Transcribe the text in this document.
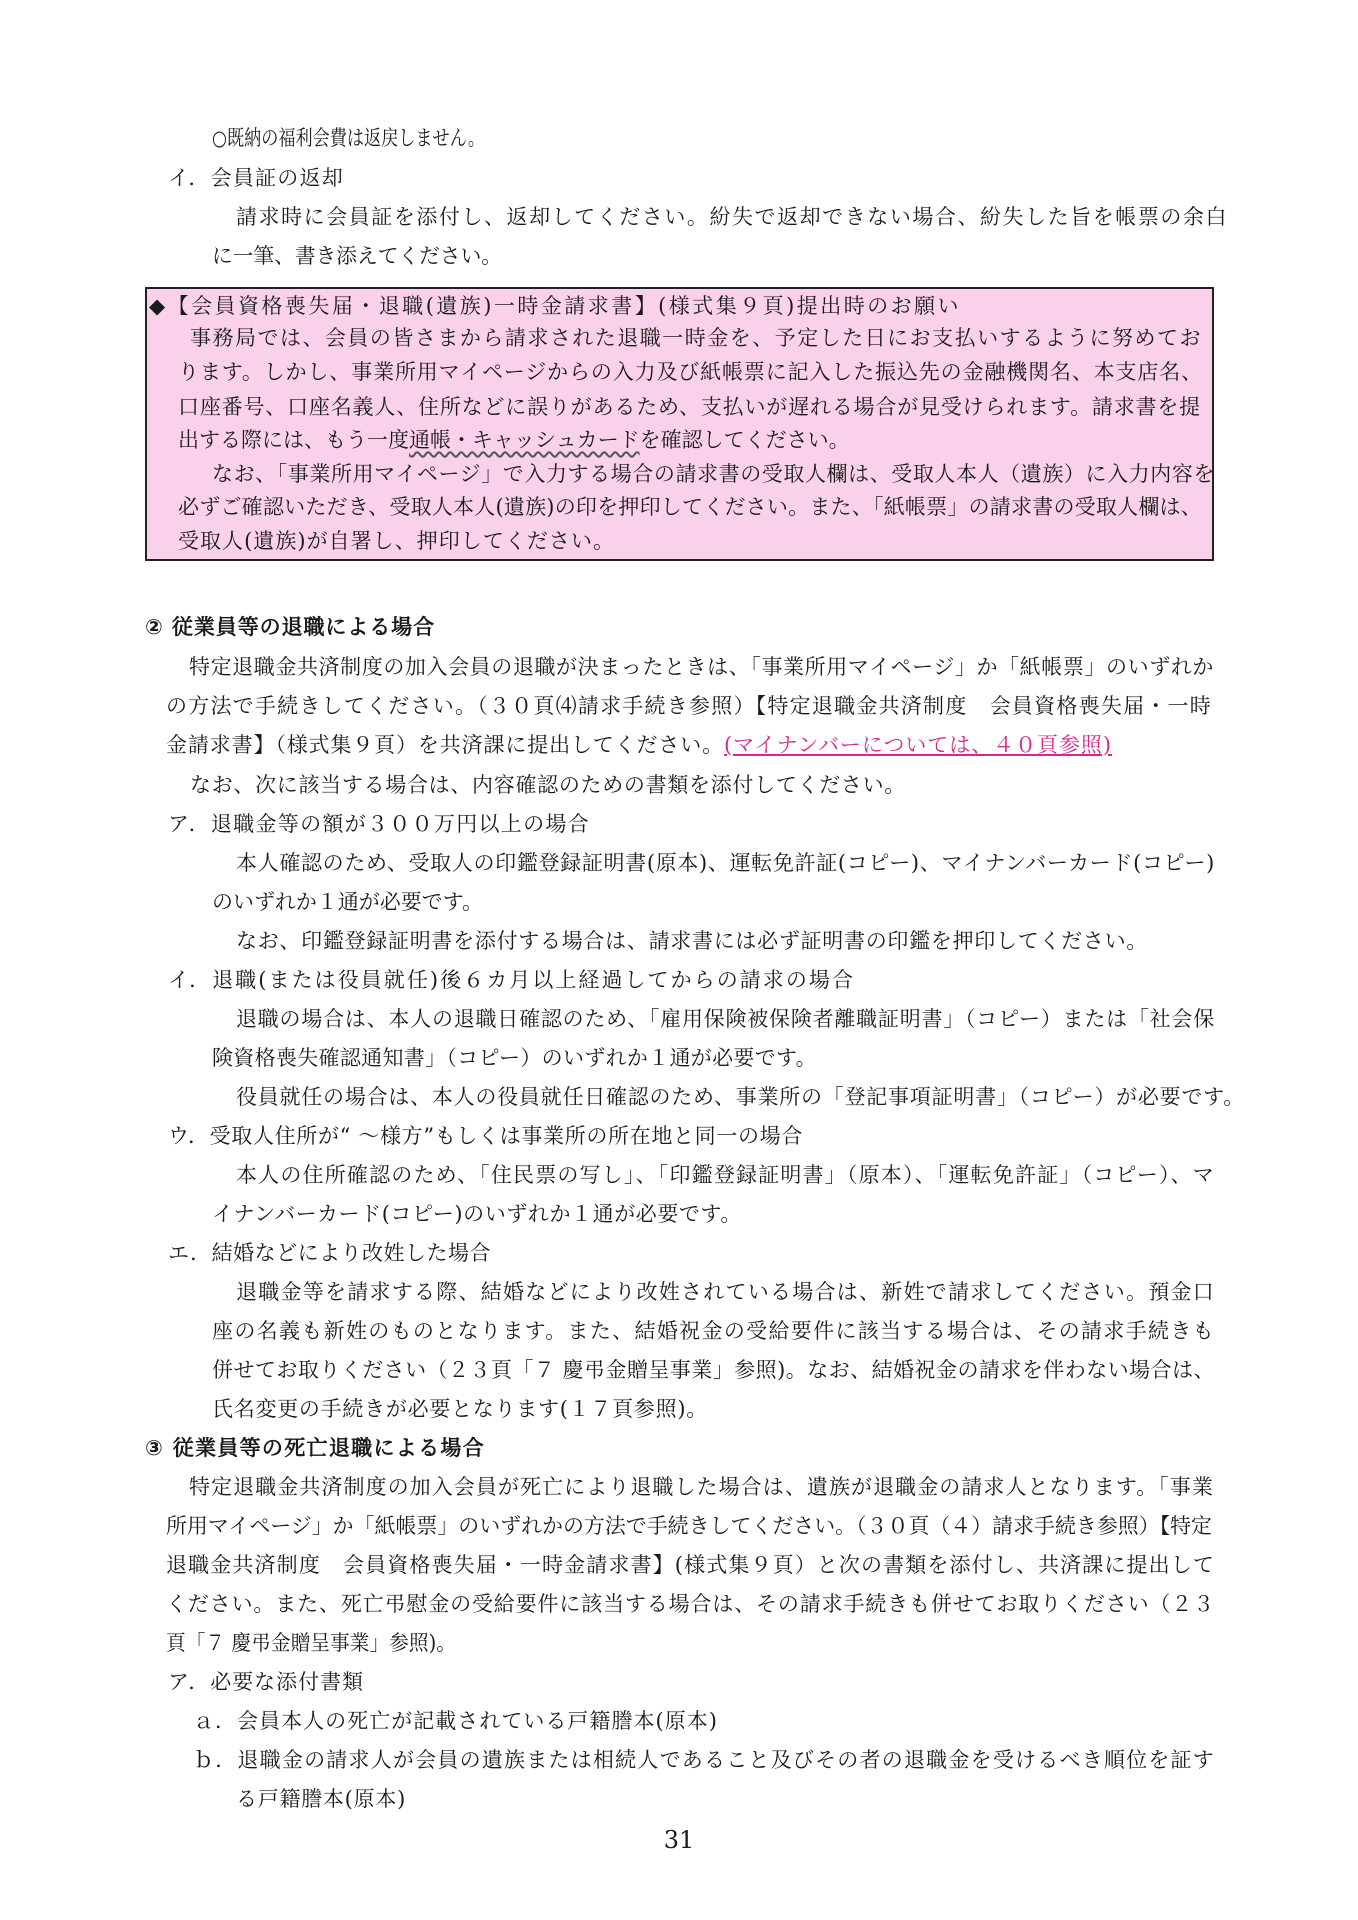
○既納の福利会費は返戻しません。
イ．会員証の返却
請求時に会員証を添付し、返却してください。紛失で返却できない場合、紛失した旨を帳票の余白
に一筆、書き添えてください。
◆【会員資格喪失届・退職(遺族)一時金請求書】(様式集９頁)提出時のお願い
事務局では、会員の皆さまから請求された退職一時金を、予定した日にお支払いするように努めてお
ります。しかし、事業所用マイページからの入力及び紙帳票に記入した振込先の金融機関名、本支店名、
口座番号、口座名義人、住所などに誤りがあるため、支払いが遅れる場合が見受けられます。請求書を提
出する際には、もう一度通帳・キャッシュカードを確認してください。
なお、「事業所用マイページ」で入力する場合の請求書の受取人欄は、受取人本人（遺族）に入力内容を
必ずご確認いただき、受取人本人(遺族)の印を押印してください。また、「紙帳票」の請求書の受取人欄は、
受取人(遺族)が自署し、押印してください。
② 従業員等の退職による場合
特定退職金共済制度の加入会員の退職が決まったときは、「事業所用マイページ」か「紙帳票」のいずれか
の方法で手続きしてください。（３０頁⑷請求手続き参照）【特定退職金共済制度　会員資格喪失届・一時
金請求書】（様式集９頁）を共済課に提出してください。(マイナンバーについては、４０頁参照)
なお、次に該当する場合は、内容確認のための書類を添付してください。
ア．退職金等の額が３００万円以上の場合
本人確認のため、受取人の印鑑登録証明書(原本)、運転免許証(コピー)、マイナンバーカード(コピー)
のいずれか１通が必要です。
なお、印鑑登録証明書を添付する場合は、請求書には必ず証明書の印鑑を押印してください。
イ．退職(または役員就任)後６カ月以上経過してからの請求の場合
退職の場合は、本人の退職日確認のため、「雇用保険被保険者離職証明書」（コピー）または「社会保
険資格喪失確認通知書」（コピー）のいずれか１通が必要です。
役員就任の場合は、本人の役員就任日確認のため、事業所の「登記事項証明書」（コピー）が必要です。
ウ．受取人住所が“ ～様方”もしくは事業所の所在地と同一の場合
本人の住所確認のため、「住民票の写し」、「印鑑登録証明書」（原本）、「運転免許証」（コピー）、マ
イナンバーカード(コピー)のいずれか１通が必要です。
エ．結婚などにより改姓した場合
退職金等を請求する際、結婚などにより改姓されている場合は、新姓で請求してください。預金口
座の名義も新姓のものとなります。また、結婚祝金の受給要件に該当する場合は、その請求手続きも
併せてお取りください（２３頁「７ 慶弔金贈呈事業」参照)。なお、結婚祝金の請求を伴わない場合は、
氏名変更の手続きが必要となります(１７頁参照)。
③ 従業員等の死亡退職による場合
特定退職金共済制度の加入会員が死亡により退職した場合は、遺族が退職金の請求人となります。「事業
所用マイページ」か「紙帳票」のいずれかの方法で手続きしてください。（３０頁（４）請求手続き参照）【特定
退職金共済制度　会員資格喪失届・一時金請求書】(様式集９頁）と次の書類を添付し、共済課に提出して
ください。また、死亡弔慰金の受給要件に該当する場合は、その請求手続きも併せてお取りください（２３
頁「７ 慶弔金贈呈事業」参照)。
ア．必要な添付書類
ａ．会員本人の死亡が記載されている戸籍謄本(原本)
ｂ．退職金の請求人が会員の遺族または相続人であること及びその者の退職金を受けるべき順位を証す
る戸籍謄本(原本)
31
